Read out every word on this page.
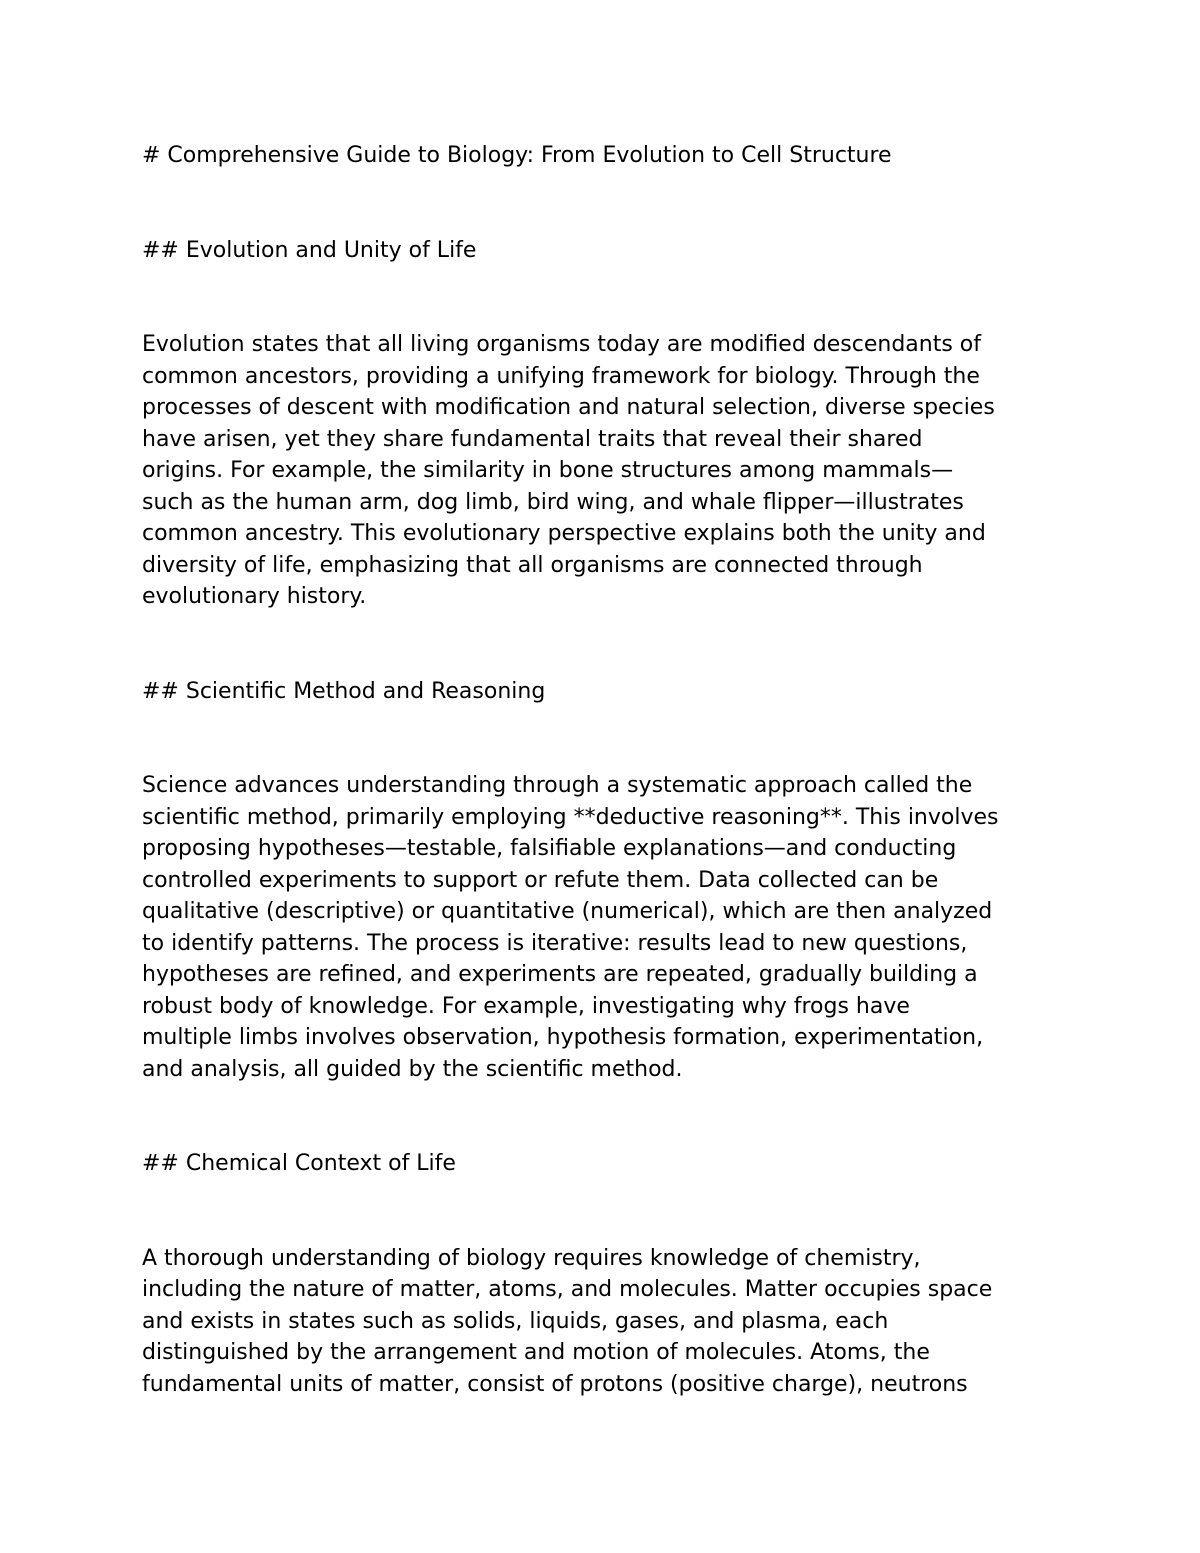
# Comprehensive Guide to Biology: From Evolution to Cell Structure

## Evolution and Unity of Life

Evolution states that all living organisms today are modified descendants of

common ancestors, providing a unifying framework for biology. Through the

processes of descent with modification and natural selection, diverse species

have arisen, yet they share fundamental traits that reveal their shared

origins. For example, the similarity in bone structures among mammals—

such as the human arm, dog limb, bird wing, and whale flipper—illustrates

common ancestry. This evolutionary perspective explains both the unity and

diversity of life, emphasizing that all organisms are connected through

evolutionary history.

## Scientific Method and Reasoning

Science advances understanding through a systematic approach called the

scientific method, primarily employing **deductive reasoning**. This involves

proposing hypotheses—testable, falsifiable explanations—and conducting

controlled experiments to support or refute them. Data collected can be

qualitative (descriptive) or quantitative (numerical), which are then analyzed

to identify patterns. The process is iterative: results lead to new questions,

hypotheses are refined, and experiments are repeated, gradually building a

robust body of knowledge. For example, investigating why frogs have

multiple limbs involves observation, hypothesis formation, experimentation,

and analysis, all guided by the scientific method.

## Chemical Context of Life

A thorough understanding of biology requires knowledge of chemistry,

including the nature of matter, atoms, and molecules. Matter occupies space

and exists in states such as solids, liquids, gases, and plasma, each

distinguished by the arrangement and motion of molecules. Atoms, the

fundamental units of matter, consist of protons (positive charge), neutrons
